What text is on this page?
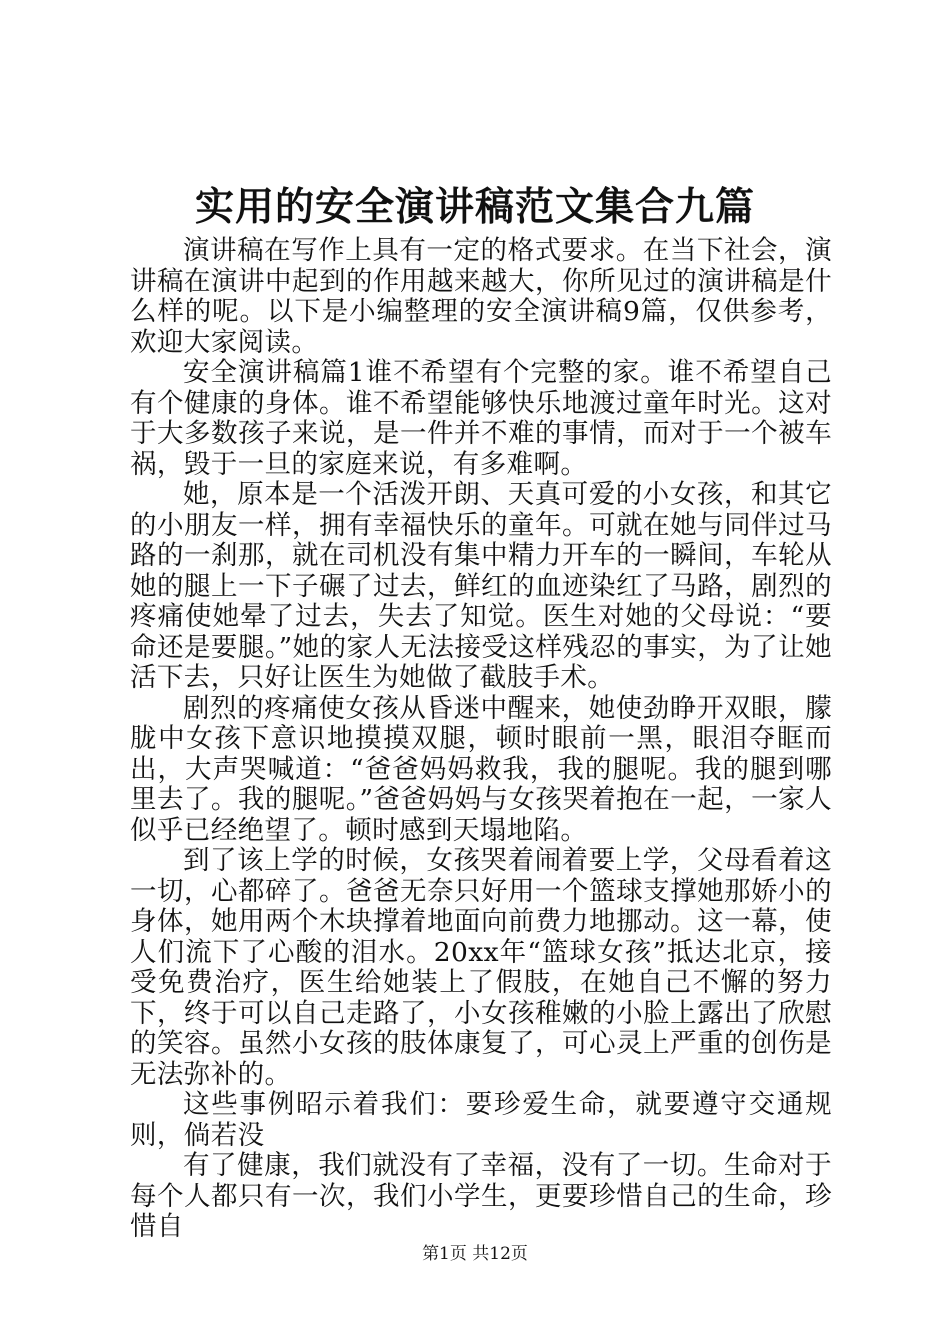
实用的安全演讲稿范文集合九篇

演讲稿在写作上具有一定的格式要求。在当下社会，演讲稿在演讲中起到的作用越来越大，你所见过的演讲稿是什么样的呢。以下是小编整理的安全演讲稿9篇，仅供参考，欢迎大家阅读。

安全演讲稿篇1谁不希望有个完整的家。谁不希望自己有个健康的身体。谁不希望能够快乐地渡过童年时光。这对于大多数孩子来说，是一件并不难的事情，而对于一个被车祸，毁于一旦的家庭来说，有多难啊。

她，原本是一个活泼开朗、天真可爱的小女孩，和其它的小朋友一样，拥有幸福快乐的童年。可就在她与同伴过马路的一刹那，就在司机没有集中精力开车的一瞬间，车轮从她的腿上一下子碾了过去，鲜红的血迹染红了马路，剧烈的疼痛使她晕了过去，失去了知觉。医生对她的父母说：“要命还是要腿。”她的家人无法接受这样残忍的事实，为了让她活下去，只好让医生为她做了截肢手术。

剧烈的疼痛使女孩从昏迷中醒来，她使劲睁开双眼，朦胧中女孩下意识地摸摸双腿，顿时眼前一黑，眼泪夺眶而出，大声哭喊道：“爸爸妈妈救我，我的腿呢。我的腿到哪里去了。我的腿呢。”爸爸妈妈与女孩哭着抱在一起，一家人似乎已经绝望了。顿时感到天塌地陷。

到了该上学的时候，女孩哭着闹着要上学，父母看着这一切，心都碎了。爸爸无奈只好用一个篮球支撑她那娇小的身体，她用两个木块撑着地面向前费力地挪动。这一幕，使人们流下了心酸的泪水。20xx年“篮球女孩”抵达北京，接受免费治疗，医生给她装上了假肢，在她自己不懈的努力下，终于可以自己走路了，小女孩稚嫩的小脸上露出了欣慰的笑容。虽然小女孩的肢体康复了，可心灵上严重的创伤是无法弥补的。

这些事例昭示着我们：要珍爱生命，就要遵守交通规则，倘若没

有了健康，我们就没有了幸福，没有了一切。生命对于每个人都只有一次，我们小学生，更要珍惜自己的生命，珍惜自

第1页 共12页
